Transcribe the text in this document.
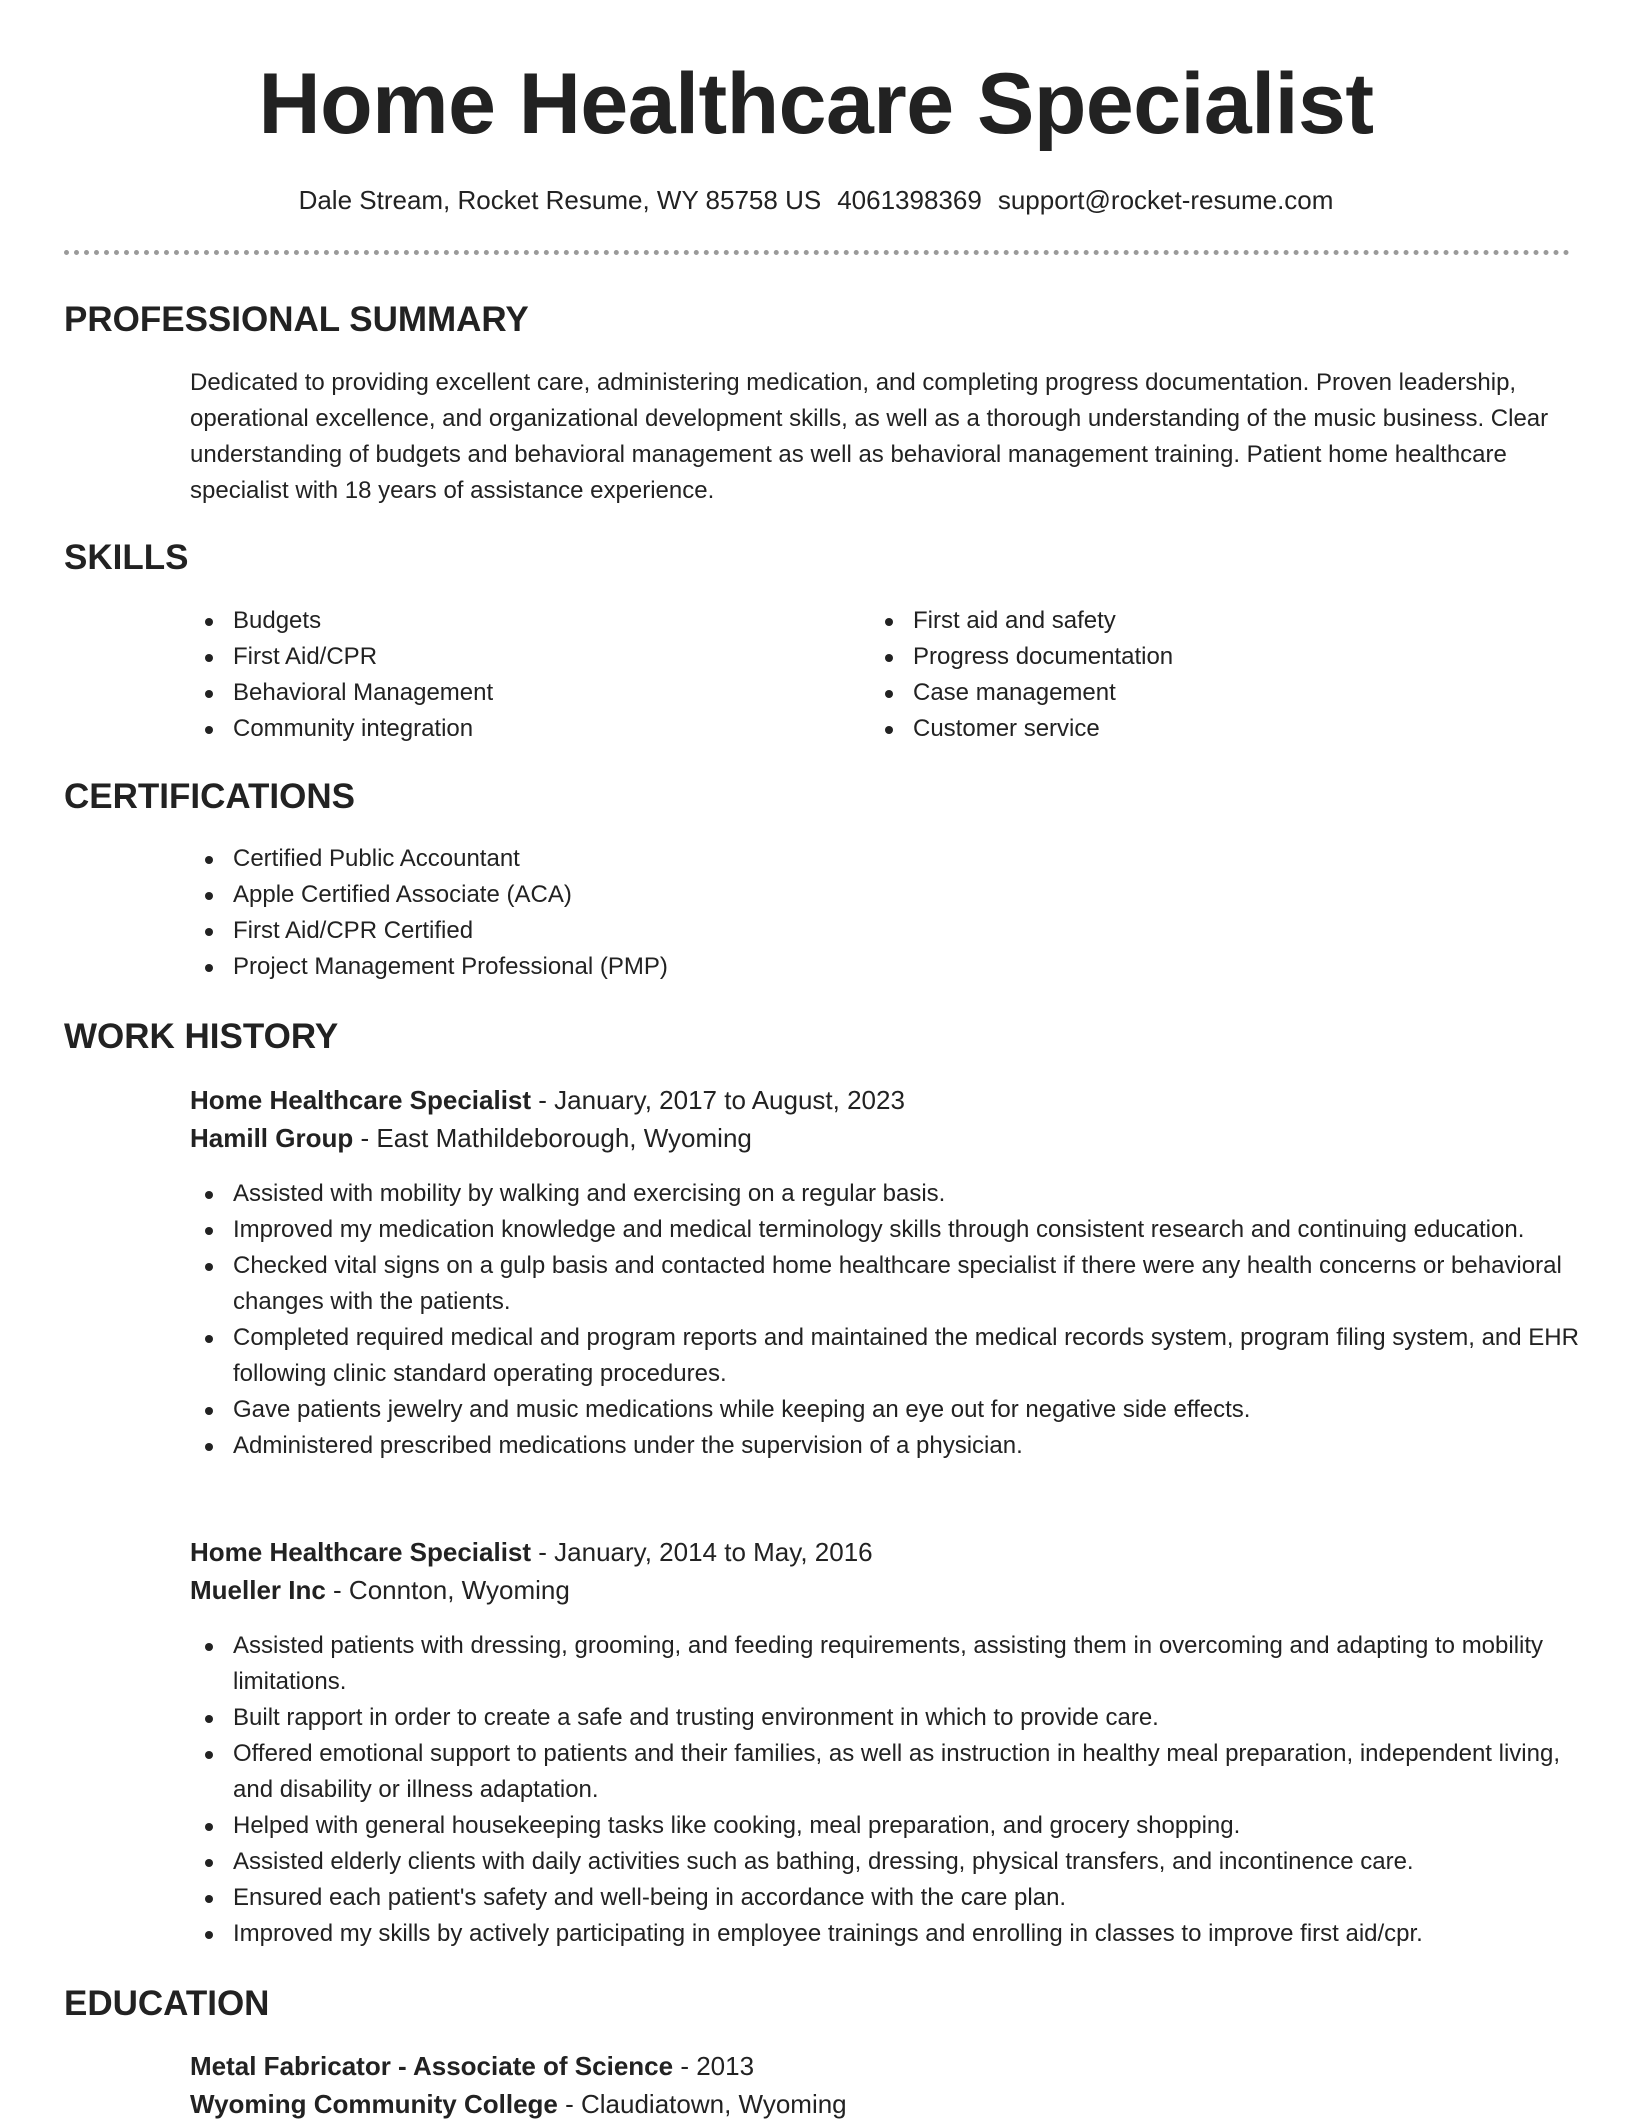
Home Healthcare Specialist
Dale Stream, Rocket Resume, WY 85758 US 4061398369 support@rocket-resume.com
PROFESSIONAL SUMMARY

Dedicated to providing excellent care, administering medication, and completing progress documentation. Proven leadership, operational excellence, and organizational development skills, as well as a thorough understanding of the music business. Clear understanding of budgets and behavioral management as well as behavioral management training. Patient home healthcare specialist with 18 years of assistance experience.

SKILLS
Budgets
First Aid/CPR
Behavioral Management
Community integration
First aid and safety
Progress documentation
Case management
Customer service
CERTIFICATIONS
Certified Public Accountant
Apple Certified Associate (ACA)
First Aid/CPR Certified
Project Management Professional (PMP)
WORK HISTORY
Home Healthcare Specialist - January, 2017 to August, 2023
Hamill Group - East Mathildeborough, Wyoming
Assisted with mobility by walking and exercising on a regular basis.
Improved my medication knowledge and medical terminology skills through consistent research and continuing education.
Checked vital signs on a gulp basis and contacted home healthcare specialist if there were any health concerns or behavioral changes with the patients.
Completed required medical and program reports and maintained the medical records system, program filing system, and EHR following clinic standard operating procedures.
Gave patients jewelry and music medications while keeping an eye out for negative side effects.
Administered prescribed medications under the supervision of a physician.
Home Healthcare Specialist - January, 2014 to May, 2016
Mueller Inc - Connton, Wyoming
Assisted patients with dressing, grooming, and feeding requirements, assisting them in overcoming and adapting to mobility limitations.
Built rapport in order to create a safe and trusting environment in which to provide care.
Offered emotional support to patients and their families, as well as instruction in healthy meal preparation, independent living, and disability or illness adaptation.
Helped with general housekeeping tasks like cooking, meal preparation, and grocery shopping.
Assisted elderly clients with daily activities such as bathing, dressing, physical transfers, and incontinence care.
Ensured each patient's safety and well-being in accordance with the care plan.
Improved my skills by actively participating in employee trainings and enrolling in classes to improve first aid/cpr.
EDUCATION
Metal Fabricator - Associate of Science - 2013
Wyoming Community College - Claudiatown, Wyoming
